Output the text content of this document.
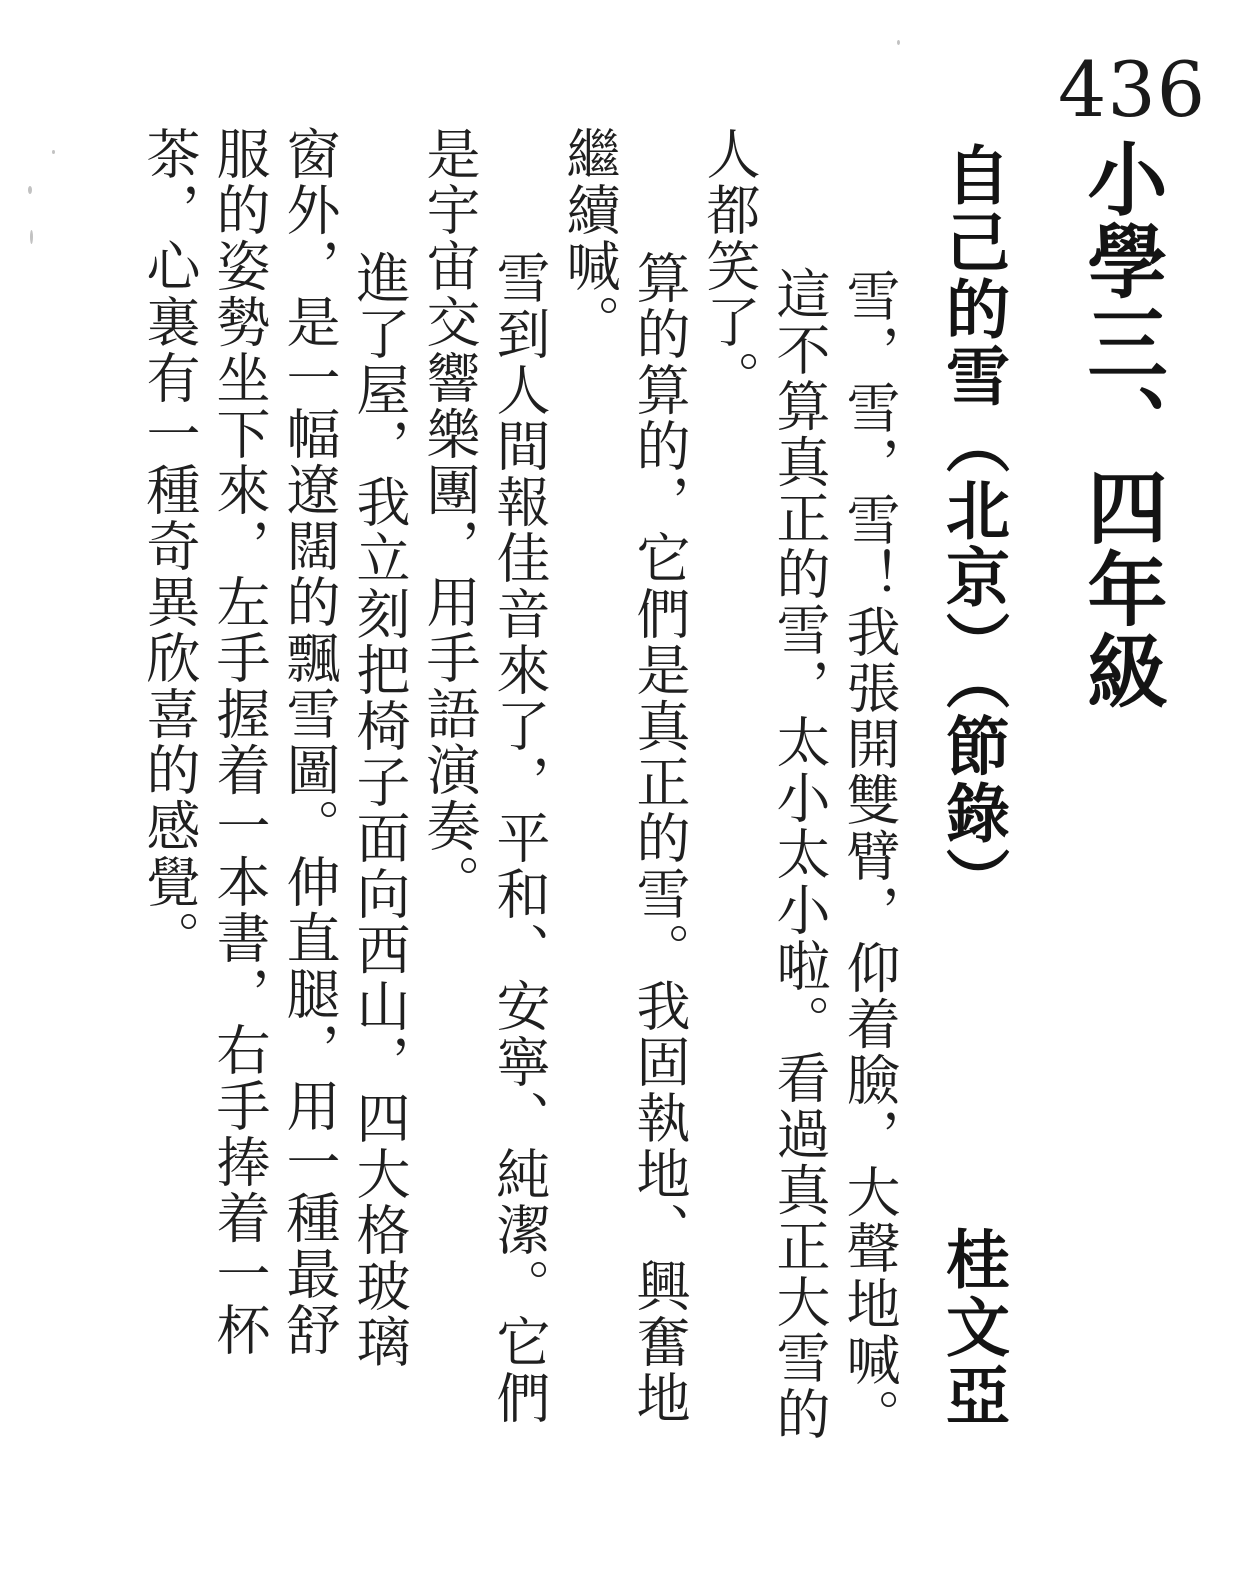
436
小學三、四年級
自己的雪（北京）（節錄）
桂文亞
　雪，雪，雪！我張開雙臂，仰着臉，大聲地喊。
這不算真正的雪，太小太小啦。看過真正大雪的
人都笑了。
　算的算的，它們是真正的雪。我固執地、興奮地
繼續喊。
　雪到人間報佳音來了，平和、安寧、純潔。它們
是宇宙交響樂團，用手語演奏。
　進了屋，我立刻把椅子面向西山，四大格玻璃
窗外，是一幅遼闊的飄雪圖。伸直腿，用一種最舒
服的姿勢坐下來，左手握着一本書，右手捧着一杯
茶，心裏有一種奇異欣喜的感覺。
